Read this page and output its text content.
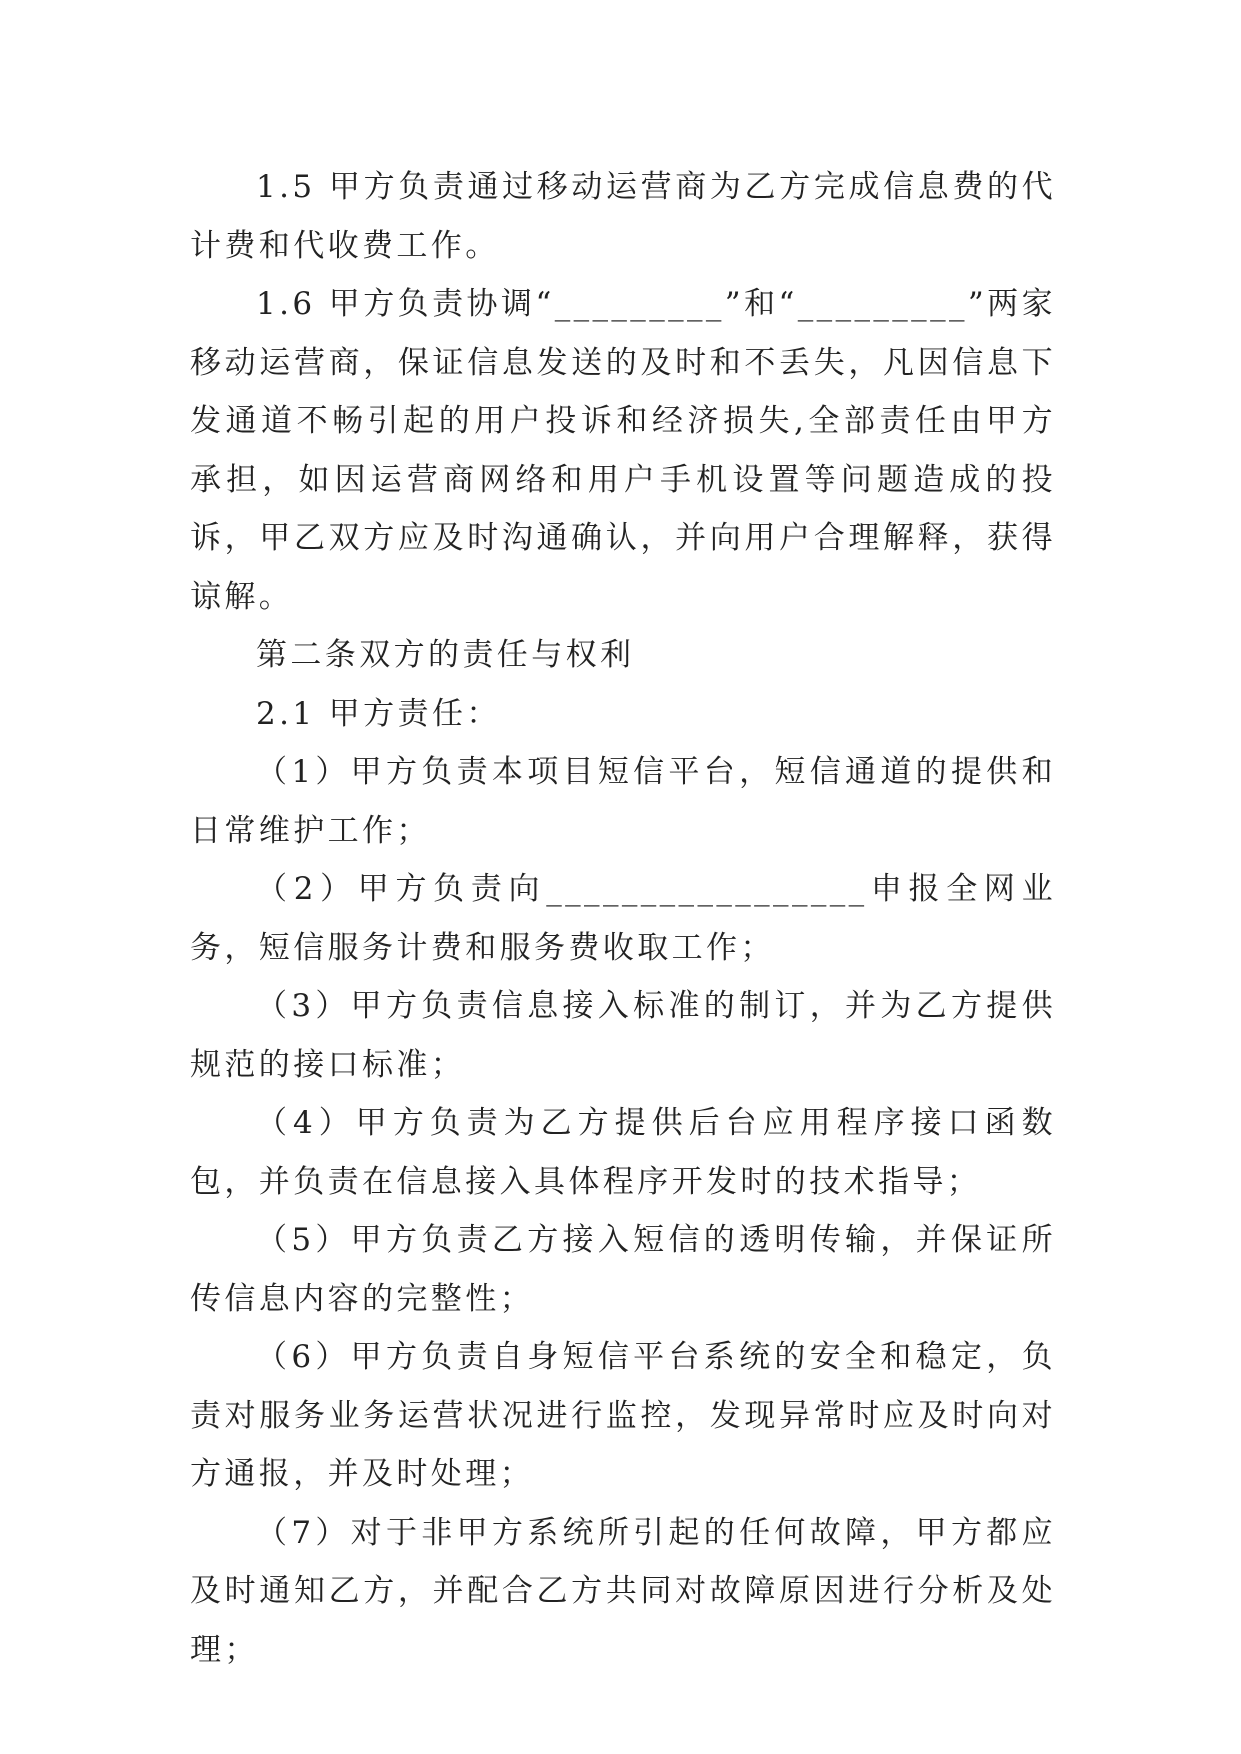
1.5 甲方负责通过移动运营商为乙方完成信息费的代计费和代收费工作。

1.6 甲方负责协调“_________”和“_________”两家移动运营商，保证信息发送的及时和不丢失，凡因信息下发通道不畅引起的用户投诉和经济损失,全部责任由甲方承担，如因运营商网络和用户手机设置等问题造成的投诉，甲乙双方应及时沟通确认，并向用户合理解释，获得谅解。

第二条双方的责任与权利

2.1 甲方责任：

（1）甲方负责本项目短信平台，短信通道的提供和日常维护工作；

（2）甲方负责向_________________申报全网业务，短信服务计费和服务费收取工作；

（3）甲方负责信息接入标准的制订，并为乙方提供规范的接口标准；

（4）甲方负责为乙方提供后台应用程序接口函数包，并负责在信息接入具体程序开发时的技术指导；

（5）甲方负责乙方接入短信的透明传输，并保证所传信息内容的完整性；

（6）甲方负责自身短信平台系统的安全和稳定，负责对服务业务运营状况进行监控，发现异常时应及时向对方通报，并及时处理；

（7）对于非甲方系统所引起的任何故障，甲方都应及时通知乙方，并配合乙方共同对故障原因进行分析及处理；
